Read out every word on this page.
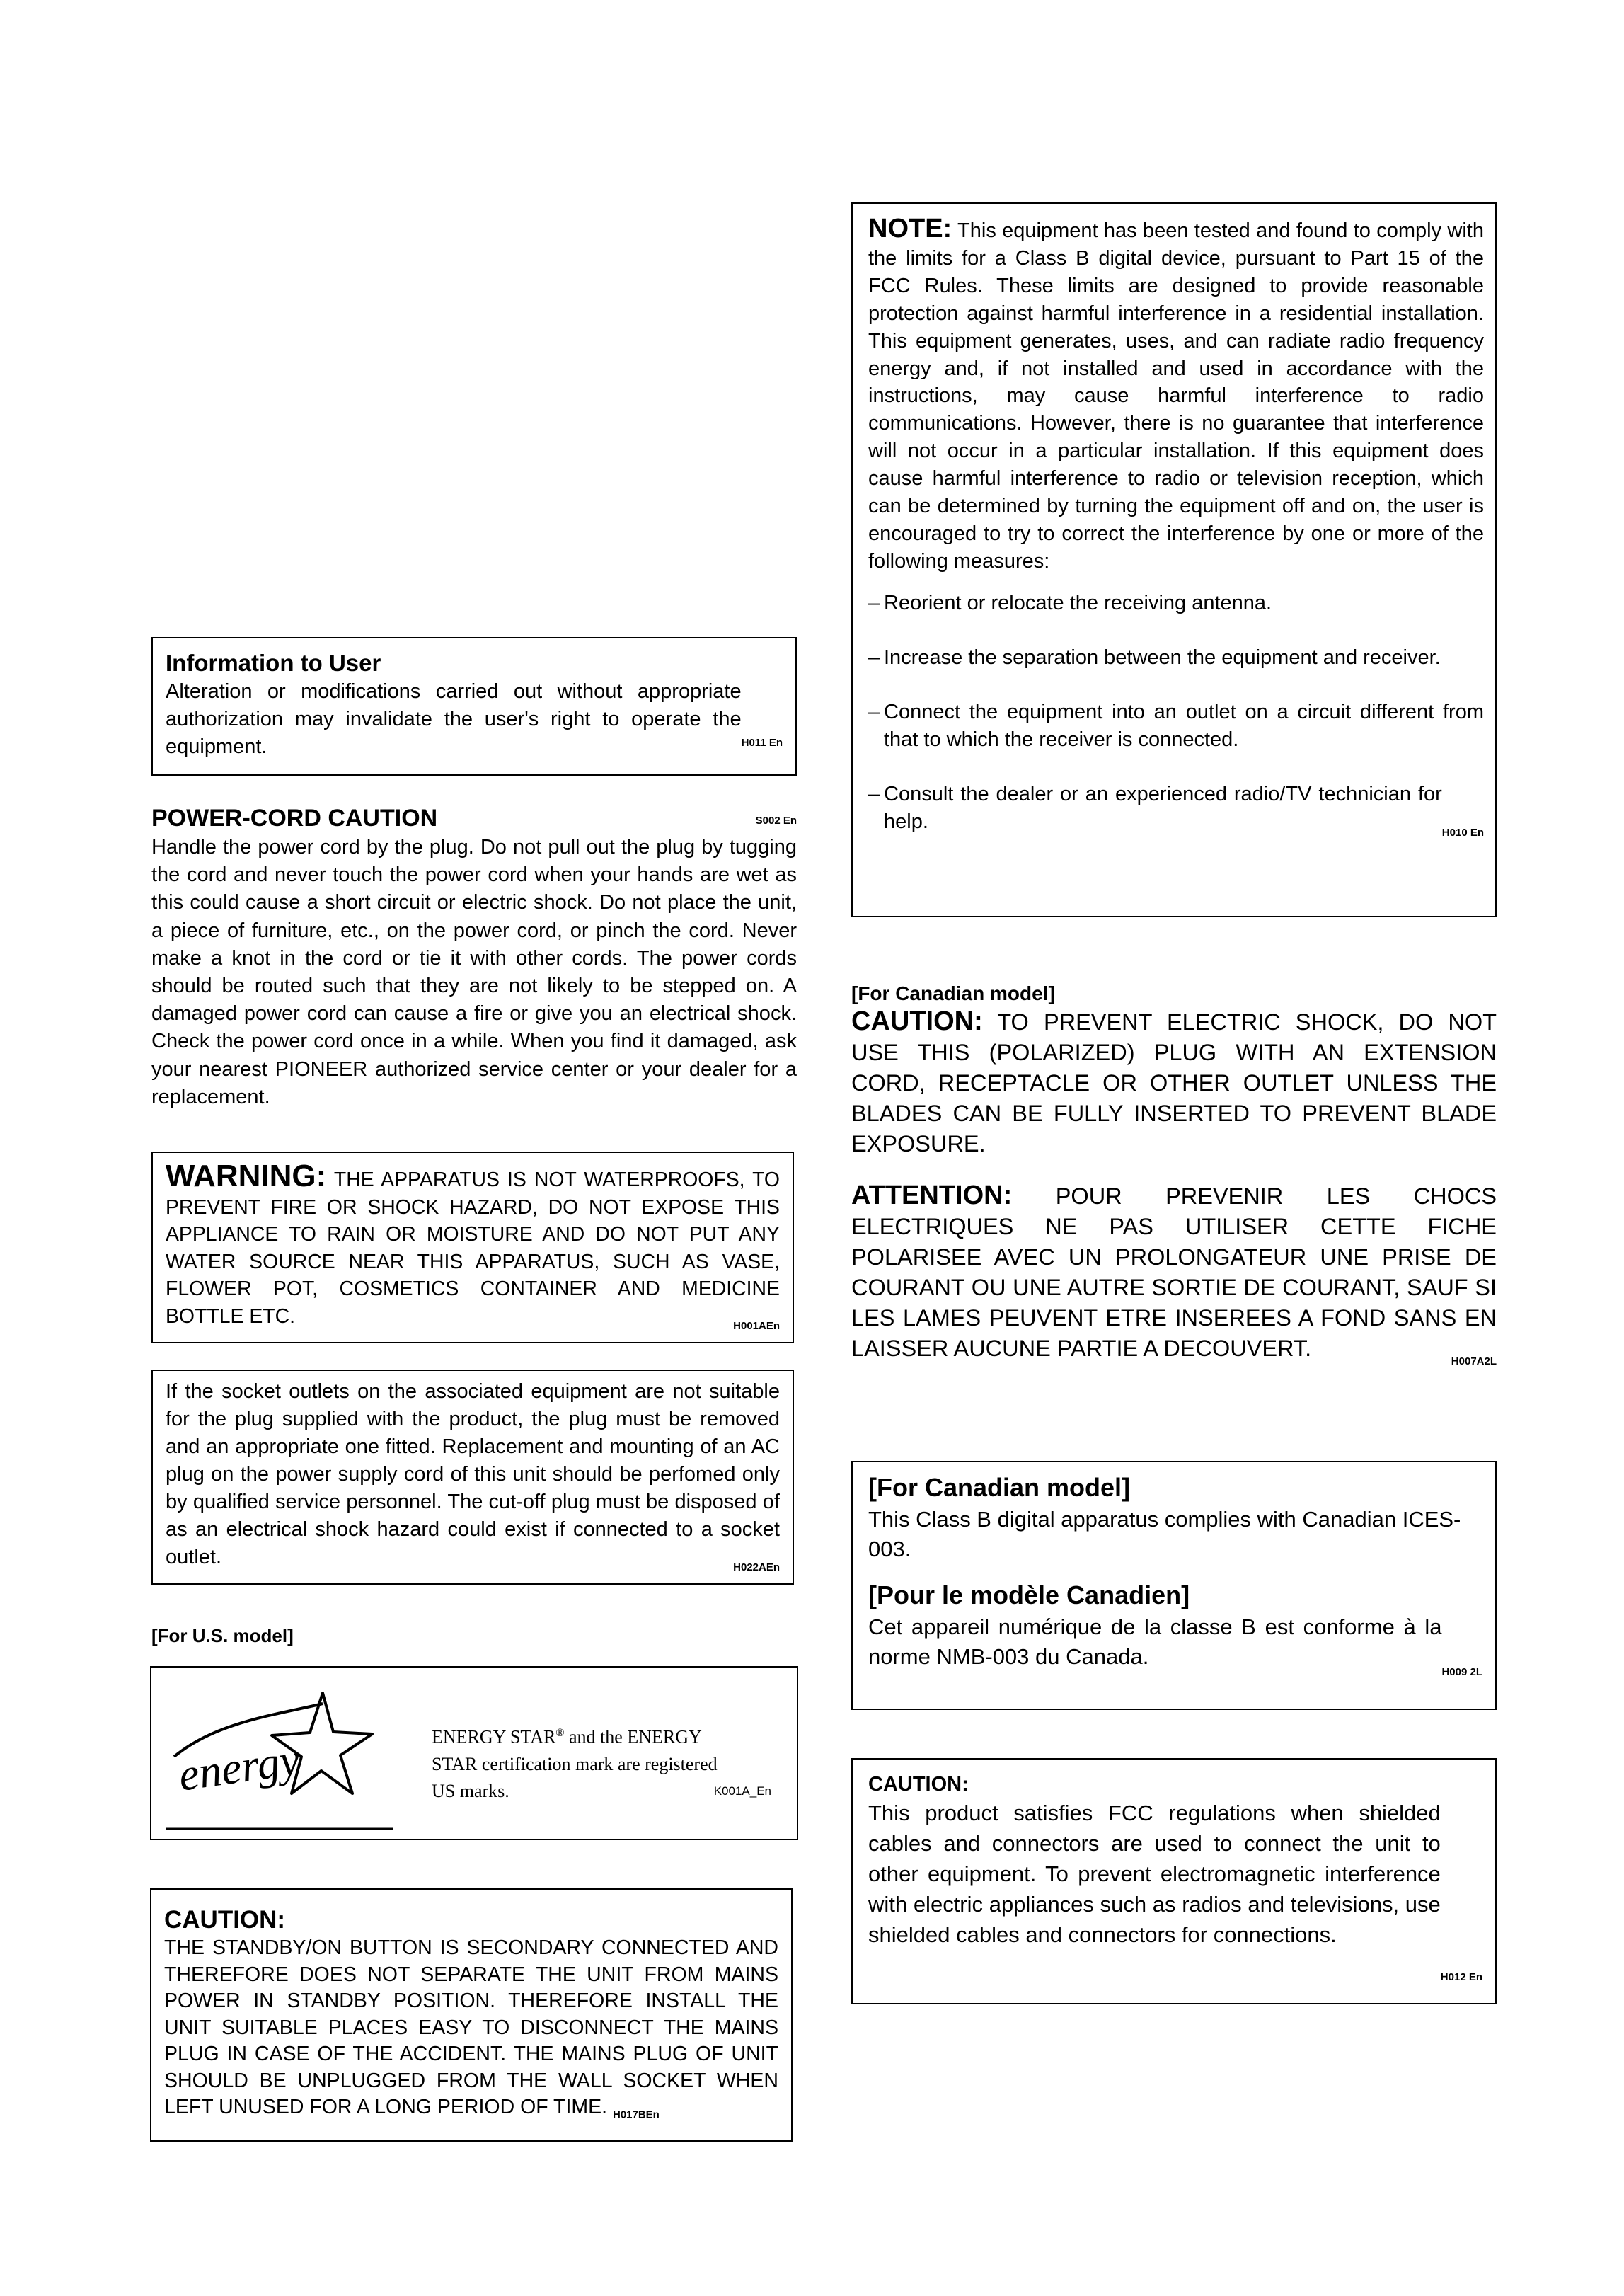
Information to User

H011 En
Alteration or modifications carried out without appropriate authorization may invalidate the user's right to operate the equipment.

POWER-CORD CAUTION	S002 En

Handle the power cord by the plug. Do not pull out the plug by tugging the cord and never touch the power cord when your hands are wet as this could cause a short circuit or electric shock. Do not place the unit, a piece of furniture, etc., on the power cord, or pinch the cord. Never make a knot in the cord or tie it with other cords. The power cords should be routed such that they are not likely to be stepped on. A damaged power cord can cause a fire or give you an electrical shock. Check the power cord once in a while. When you find it damaged, ask your nearest PIONEER authorized service center or your dealer for a replacement.

WARNING: THE APPARATUS IS NOT WATERPROOFS, TO PREVENT FIRE OR SHOCK HAZARD, DO NOT EXPOSE THIS APPLIANCE TO RAIN OR MOISTURE AND DO NOT PUT ANY WATER SOURCE NEAR THIS APPARATUS, SUCH AS VASE, FLOWER POT, COSMETICS CONTAINER AND MEDICINE BOTTLE ETC.	H001AEn

If the socket outlets on the associated equipment are not suitable for the plug supplied with the product, the plug must be removed and an appropriate one fitted. Replacement and mounting of an AC plug on the power supply cord of this unit should be perfomed only by qualified service personnel. The cut-off plug must be disposed of as an electrical shock hazard could exist if connected to a socket outlet.	H022AEn

[For U.S. model]

energy	ENERGY STAR® and the ENERGY
STAR certification mark are registered
US marks.	K001A_En

CAUTION:

THE STANDBY/ON BUTTON IS SECONDARY CONNECTED AND THEREFORE DOES NOT SEPARATE THE UNIT FROM MAINS POWER IN STANDBY POSITION. THEREFORE INSTALL THE UNIT SUITABLE PLACES EASY TO DISCONNECT THE MAINS PLUG IN CASE OF THE ACCIDENT. THE MAINS PLUG OF UNIT SHOULD BE UNPLUGGED FROM THE WALL SOCKET WHEN LEFT UNUSED FOR A LONG PERIOD OF TIME. $_{H017BEn}$

NOTE: This equipment has been tested and found to comply with the limits for a Class B digital device, pursuant to Part 15 of the FCC Rules. These limits are designed to provide reasonable protection against harmful interference in a residential installation. This equipment generates, uses, and can radiate radio frequency energy and, if not installed and used in accordance with the instructions, may cause harmful interference to radio communications. However, there is no guarantee that interference will not occur in a particular installation. If this equipment does cause harmful interference to radio or television reception, which can be determined by turning the equipment off and on, the user is encouraged to try to correct the interference by one or more of the following measures:

– Reorient or relocate the receiving antenna.
– Increase the separation between the equipment and receiver.
– Connect the equipment into an outlet on a circuit different from that to which the receiver is connected.
–
H010 En
Consult the dealer or an experienced radio/TV technician for help.

[For Canadian model]

CAUTION: TO PREVENT ELECTRIC SHOCK, DO NOT USE THIS (POLARIZED) PLUG WITH AN EXTENSION CORD, RECEPTACLE OR OTHER OUTLET UNLESS THE BLADES CAN BE FULLY INSERTED TO PREVENT BLADE EXPOSURE.

ATTENTION: POUR PREVENIR LES CHOCS ELECTRIQUES NE PAS UTILISER CETTE FICHE POLARISEE AVEC UN PROLONGATEUR UNE PRISE DE COURANT OU UNE AUTRE SORTIE DE COURANT, SAUF SI LES LAMES PEUVENT ETRE INSEREES A FOND SANS EN LAISSER AUCUNE PARTIE A DECOUVERT.
H007A2L

[For Canadian model]

This Class B digital apparatus complies with Canadian ICES-003.

[Pour le modèle Canadien]

H009 2L
Cet appareil numérique de la classe B est conforme à la norme NMB-003 du Canada.

CAUTION:

H012 En
This product satisfies FCC regulations when shielded cables and connectors are used to connect the unit to other equipment. To prevent electromagnetic interference with electric appliances such as radios and televisions, use shielded cables and connectors for connections.
